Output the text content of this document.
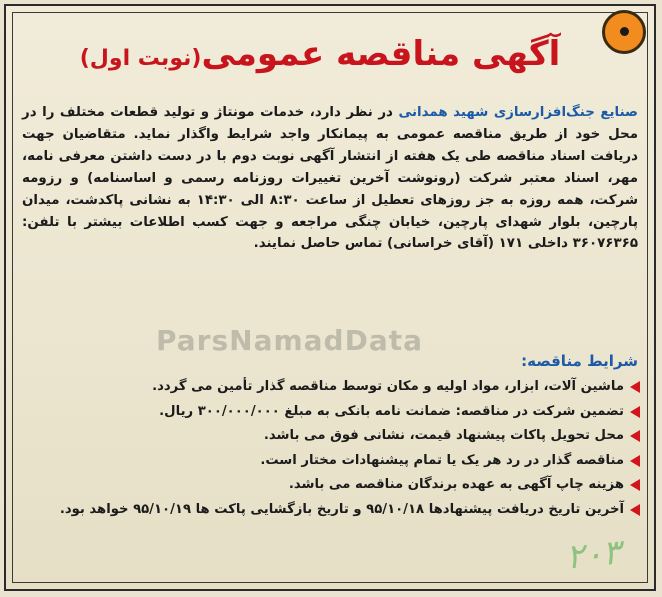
آگهی مناقصه عمومی(نوبت اول)
صنایع جنگ‌افزارسازی شهید همدانی در نظر دارد، خدمات مونتاژ و تولید قطعات مختلف را در محل خود از طریق مناقصه عمومی به پیمانکار واجد شرایط واگذار نماید. متقاضیان جهت دریافت اسناد مناقصه طی یک هفته از انتشار آگهی نوبت دوم با در دست داشتن معرفی نامه، مهر، اسناد معتبر شرکت (رونوشت آخرین تغییرات روزنامه رسمی و اساسنامه) و رزومه شرکت، همه روزه به جز روزهای تعطیل از ساعت ۸:۳۰ الی ۱۴:۳۰ به نشانی پاکدشت، میدان پارچین، بلوار شهدای پارچین، خیابان چنگی مراجعه و جهت کسب اطلاعات بیشتر با تلفن: ۳۶۰۷۶۳۶۵ داخلی ۱۷۱ (آقای خراسانی) تماس حاصل نمایند.
ParsNamadData
شرایط مناقصه:
ماشین آلات، ابزار، مواد اولیه و مکان توسط مناقصه گذار تأمین می گردد.
تضمین شرکت در مناقصه: ضمانت نامه بانکی به مبلغ ۳۰۰/۰۰۰/۰۰۰ ریال.
محل تحویل پاکات پیشنهاد قیمت، نشانی فوق می باشد.
مناقصه گذار در رد هر یک یا تمام پیشنهادات مختار است.
هزینه چاپ آگهی به عهده برندگان مناقصه می باشد.
آخرین تاریخ دریافت پیشنهادها ۹۵/۱۰/۱۸ و تاریخ بازگشایی پاکت ها ۹۵/۱۰/۱۹ خواهد بود.
۲۰۳
